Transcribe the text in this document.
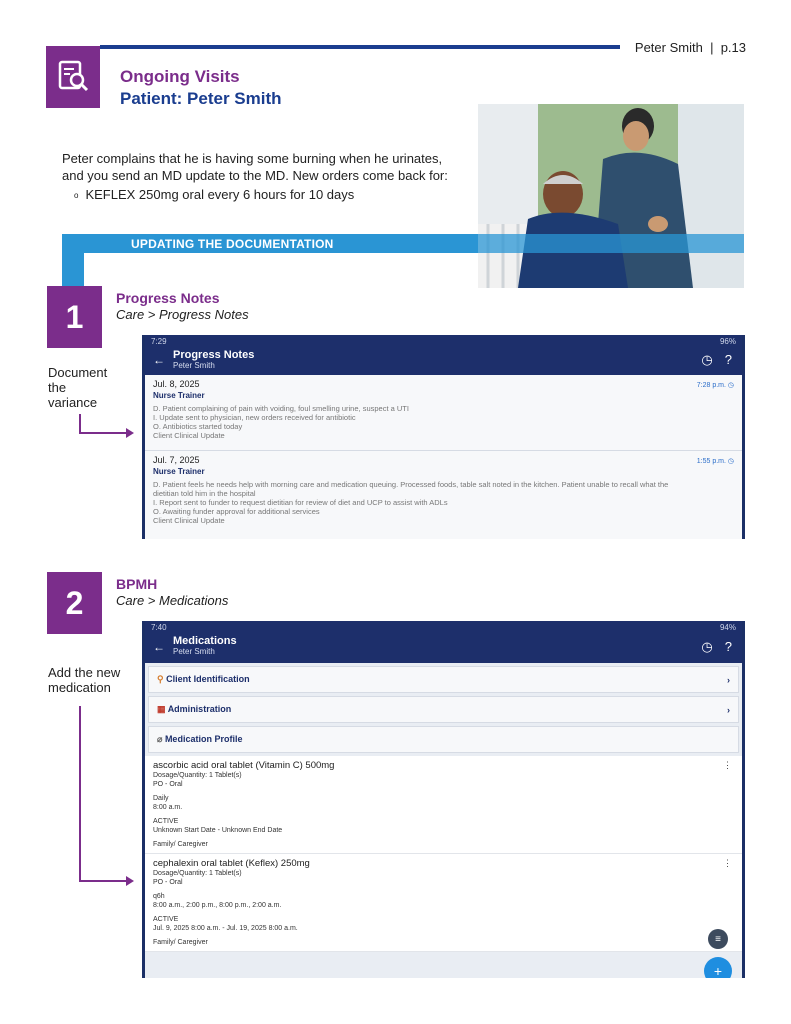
Peter Smith | p.13
Ongoing Visits
Patient: Peter Smith
Peter complains that he is having some burning when he urinates, and you send an MD update to the MD. New orders come back for:
o KEFLEX 250mg oral every 6 hours for 10 days
UPDATING THE DOCUMENTATION
1
Progress Notes
Care > Progress Notes
Document
the
variance
7:29	96%
← Progress Notes
Peter Smith	◷ ?
Jul. 8, 2025
Nurse Trainer
7:28 p.m. ◷
D. Patient complaining of pain with voiding, foul smelling urine, suspect a UTI
I. Update sent to physician, new orders received for antibiotic
O. Antibiotics started today
Client Clinical Update
Jul. 7, 2025
Nurse Trainer
1:55 p.m. ◷
D. Patient feels he needs help with morning care and medication queuing. Processed foods, table salt noted in the kitchen. Patient unable to recall what the
dietitian told him in the hospital
I. Report sent to funder to request dietitian for review of diet and UCP to assist with ADLs
O. Awaiting funder approval for additional services
Client Clinical Update
2
BPMH
Care > Medications
Add the new
medication
7:40	94%
← Medications
Peter Smith	◷ ?
⚲ Client Identification	›
▦ Administration	›
⌀ Medication Profile
⋮
ascorbic acid oral tablet (Vitamin C) 500mg
Dosage/Quantity: 1 Tablet(s)
PO - Oral
Daily
8:00 a.m.
ACTIVE
Unknown Start Date - Unknown End Date
Family/ Caregiver
⋮
cephalexin oral tablet (Keflex) 250mg
Dosage/Quantity: 1 Tablet(s)
PO - Oral
q6h
8:00 a.m., 2:00 p.m., 8:00 p.m., 2:00 a.m.
ACTIVE
Jul. 9, 2025 8:00 a.m. - Jul. 19, 2025 8:00 a.m.
Family/ Caregiver	≡
+
